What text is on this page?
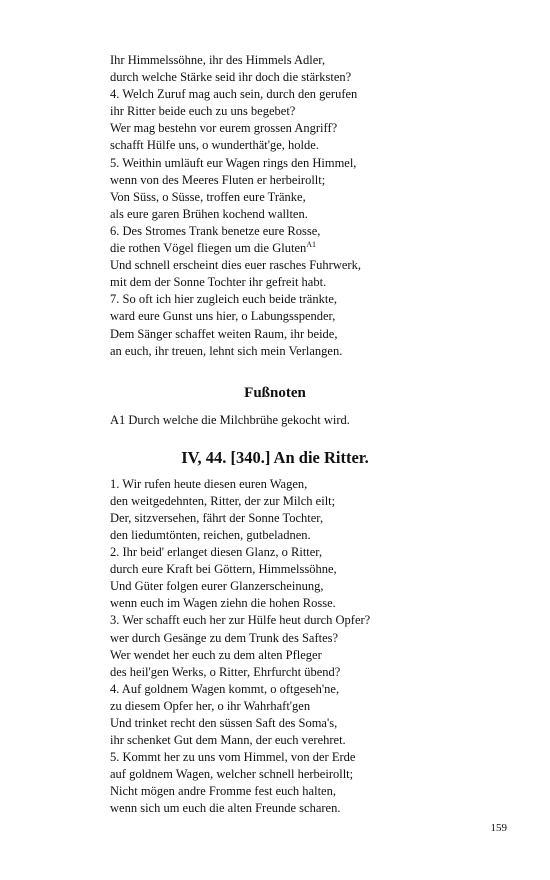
Ihr Himmelssöhne, ihr des Himmels Adler,
durch welche Stärke seid ihr doch die stärksten?
4. Welch Zuruf mag auch sein, durch den gerufen
ihr Ritter beide euch zu uns begebet?
Wer mag bestehn vor eurem grossen Angriff?
schafft Hülfe uns, o wunderthät'ge, holde.
5. Weithin umläuft eur Wagen rings den Himmel,
wenn von des Meeres Fluten er herbeirollt;
Von Süss, o Süsse, troffen eure Tränke,
als eure garen Brühen kochend wallten.
6. Des Stromes Trank benetze eure Rosse,
die rothen Vögel fliegen um die Gluten$^{A1}$
Und schnell erscheint dies euer rasches Fuhrwerk,
mit dem der Sonne Tochter ihr gefreit habt.
7. So oft ich hier zugleich euch beide tränkte,
ward eure Gunst uns hier, o Labungsspender,
Dem Sänger schaffet weiten Raum, ihr beide,
an euch, ihr treuen, lehnt sich mein Verlangen.
Fußnoten
A1 Durch welche die Milchbrühe gekocht wird.
IV, 44. [340.] An die Ritter.
1. Wir rufen heute diesen euren Wagen,
den weitgedehnten, Ritter, der zur Milch eilt;
Der, sitzversehen, fährt der Sonne Tochter,
den liedumtönten, reichen, gutbeladnen.
2. Ihr beid' erlanget diesen Glanz, o Ritter,
durch eure Kraft bei Göttern, Himmelssöhne,
Und Güter folgen eurer Glanzerscheinung,
wenn euch im Wagen ziehn die hohen Rosse.
3. Wer schafft euch her zur Hülfe heut durch Opfer?
wer durch Gesänge zu dem Trunk des Saftes?
Wer wendet her euch zu dem alten Pfleger
des heil'gen Werks, o Ritter, Ehrfurcht übend?
4. Auf goldnem Wagen kommt, o oftgeseh'ne,
zu diesem Opfer her, o ihr Wahrhaft'gen
Und trinket recht den süssen Saft des Soma's,
ihr schenket Gut dem Mann, der euch verehret.
5. Kommt her zu uns vom Himmel, von der Erde
auf goldnem Wagen, welcher schnell herbeirollt;
Nicht mögen andre Fromme fest euch halten,
wenn sich um euch die alten Freunde scharen.
159
